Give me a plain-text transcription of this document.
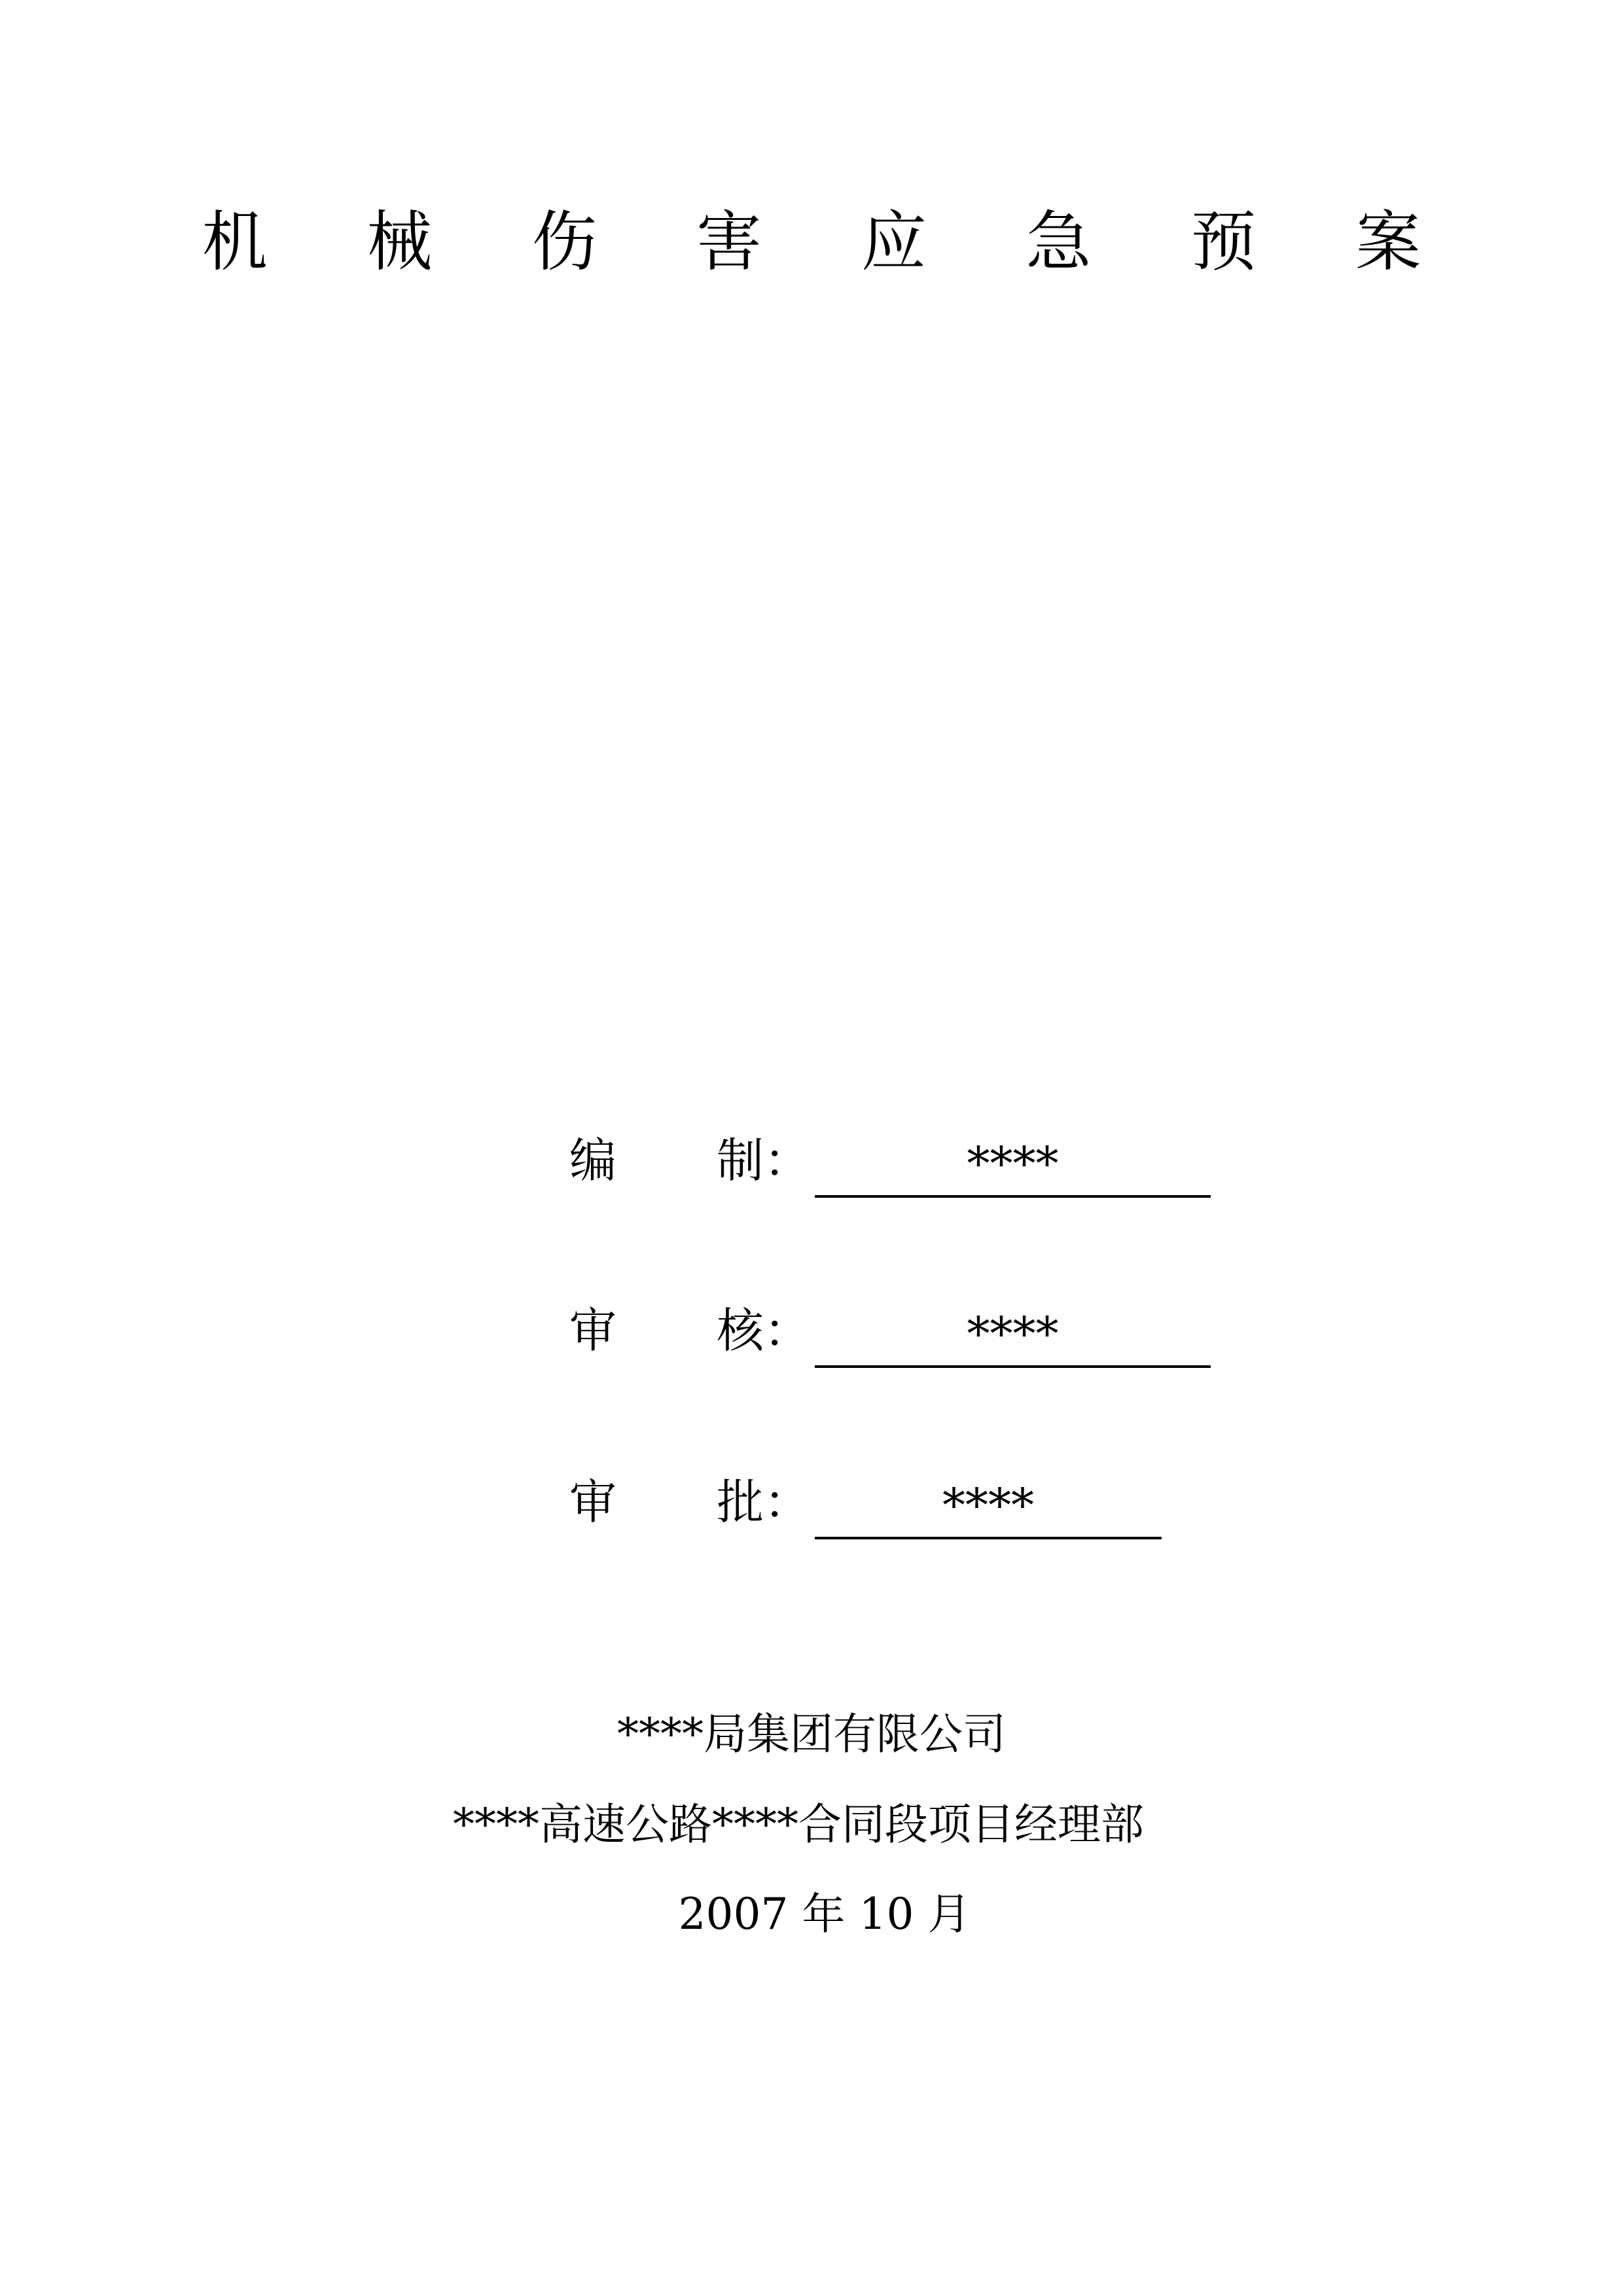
机 械 伤 害 应 急 预 案
编 制：	****
审 核：	****
审 批：	****
****局集团有限公司
****高速公路****合同段项目经理部
2007 年 10 月
